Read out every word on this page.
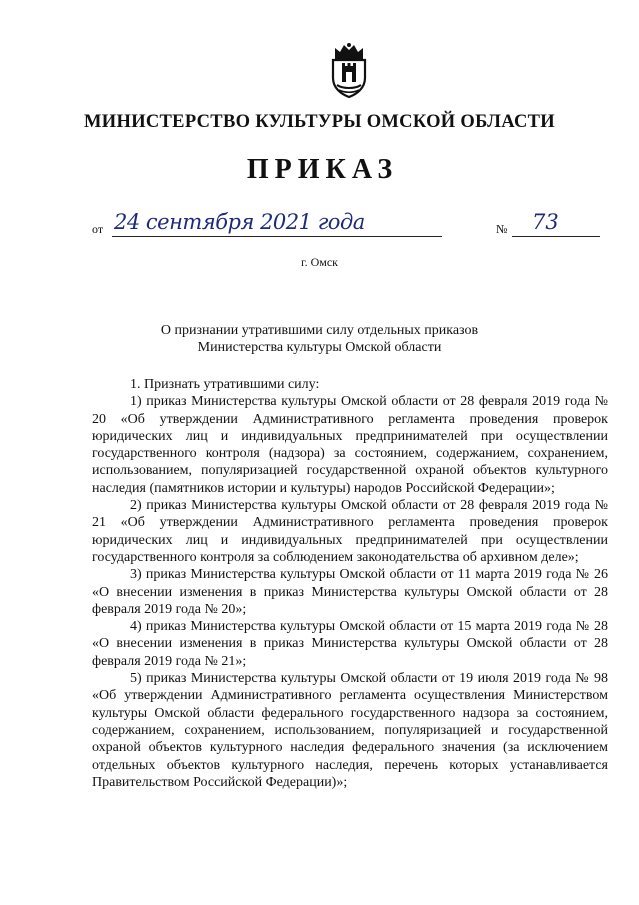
МИНИСТЕРСТВО КУЛЬТУРЫ ОМСКОЙ ОБЛАСТИ
ПРИКАЗ
от 24 сентября 2021 года	№ 73
г. Омск
О признании утратившими силу отдельных приказов
Министерства культуры Омской области

1. Признать утратившими силу:

1) приказ Министерства культуры Омской области от 28 февраля 2019 года № 20 «Об утверждении Административного регламента проведения проверок юридических лиц и индивидуальных предпринимателей при осуществлении государственного контроля (надзора) за состоянием, содержанием, сохранением, использованием, популяризацией государственной охраной объектов культурного наследия (памятников истории и культуры) народов Российской Федерации»;

2) приказ Министерства культуры Омской области от 28 февраля 2019 года № 21 «Об утверждении Административного регламента проведения проверок юридических лиц и индивидуальных предпринимателей при осуществлении государственного контроля за соблюдением законодательства об архивном деле»;

3) приказ Министерства культуры Омской области от 11 марта 2019 года № 26 «О внесении изменения в приказ Министерства культуры Омской области от 28 февраля 2019 года № 20»;

4) приказ Министерства культуры Омской области от 15 марта 2019 года № 28 «О внесении изменения в приказ Министерства культуры Омской области от 28 февраля 2019 года № 21»;

5) приказ Министерства культуры Омской области от 19 июля 2019 года № 98 «Об утверждении Административного регламента осуществления Министерством культуры Омской области федерального государственного надзора за состоянием, содержанием, сохранением, использованием, популяризацией и государственной охраной объектов культурного наследия федерального значения (за исключением отдельных объектов культурного наследия, перечень которых устанавливается Правительством Российской Федерации)»;
